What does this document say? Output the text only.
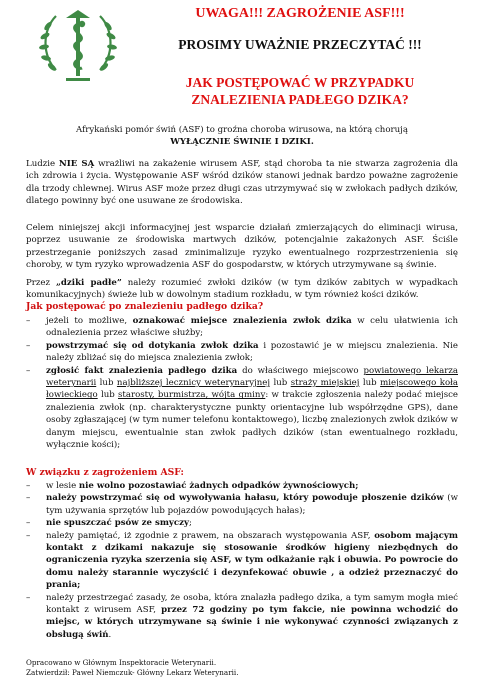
UWAGA!!! ZAGROŻENIE ASF!!!
PROSIMY UWAŻNIE PRZECZYTAĆ !!!
JAK POSTĘPOWAĆ W PRZYPADKU
ZNALEZIENIA PADŁEGO DZIKA?
Afrykański pomór świń (ASF) to groźna choroba wirusowa, na którą chorują
WYŁĄCZNIE ŚWINIE I DZIKI.
Ludzie NIE SĄ wrażliwi na zakażenie wirusem ASF, stąd choroba ta nie stwarza zagrożenia dla ich zdrowia i życia. Występowanie ASF wśród dzików stanowi jednak bardzo poważne zagrożenie dla trzody chlewnej. Wirus ASF może przez długi czas utrzymywać się w zwłokach padłych dzików, dlatego powinny być one usuwane ze środowiska.
Celem niniejszej akcji informacyjnej jest wsparcie działań zmierzających do eliminacji wirusa, poprzez usuwanie ze środowiska martwych dzików, potencjalnie zakażonych ASF. Ściśle przestrzeganie poniższych zasad zminimalizuje ryzyko ewentualnego rozprzestrzenienia się choroby, w tym ryzyko wprowadzenia ASF do gospodarstw, w których utrzymywane są świnie.
Przez „dziki padłe” należy rozumieć zwłoki dzików (w tym dzików zabitych w wypadkach komunikacyjnych) świeże lub w dowolnym stadium rozkładu, w tym również kości dzików.
Jak postępować po znalezieniu padłego dzika?
– jeżeli to możliwe, oznakować miejsce znalezienia zwłok dzika w celu ułatwienia ich odnalezienia przez właściwe służby;
– powstrzymać się od dotykania zwłok dzika i pozostawić je w miejscu znalezienia. Nie należy zbliżać się do miejsca znalezienia zwłok;
– zgłosić fakt znalezienia padłego dzika do właściwego miejscowo powiatowego lekarza weterynarii lub najbliższej lecznicy weterynaryjnej lub straży miejskiej lub miejscowego koła łowieckiego lub starosty, burmistrza, wójta gminy: w trakcie zgłoszenia należy podać miejsce znalezienia zwłok (np. charakterystyczne punkty orientacyjne lub współrzędne GPS), dane osoby zgłaszającej (w tym numer telefonu kontaktowego), liczbę znalezionych zwłok dzików w danym miejscu, ewentualnie stan zwłok padłych dzików (stan ewentualnego rozkładu, wyłącznie kości);
W związku z zagrożeniem ASF:
– w lesie nie wolno pozostawiać żadnych odpadków żywnościowych;
– należy powstrzymać się od wywoływania hałasu, który powoduje płoszenie dzików (w tym używania sprzętów lub pojazdów powodujących hałas);
– nie spuszczać psów ze smyczy;
– należy pamiętać, iż zgodnie z prawem, na obszarach występowania ASF, osobom mającym kontakt z dzikami nakazuje się stosowanie środków higieny niezbędnych do ograniczenia ryzyka szerzenia się ASF, w tym odkażanie rąk i obuwia. Po powrocie do domu należy starannie wyczyścić i dezynfekować obuwie , a odzież przeznaczyć do prania;
– należy przestrzegać zasady, że osoba, która znalazła padłego dzika, a tym samym mogła mieć kontakt z wirusem ASF, przez 72 godziny po tym fakcie, nie powinna wchodzić do miejsc, w których utrzymywane są świnie i nie wykonywać czynności związanych z obsługą świń.
Opracowano w Głównym Inspektoracie Weterynarii.
Zatwierdził: Paweł Niemczuk- Główny Lekarz Weterynarii.
